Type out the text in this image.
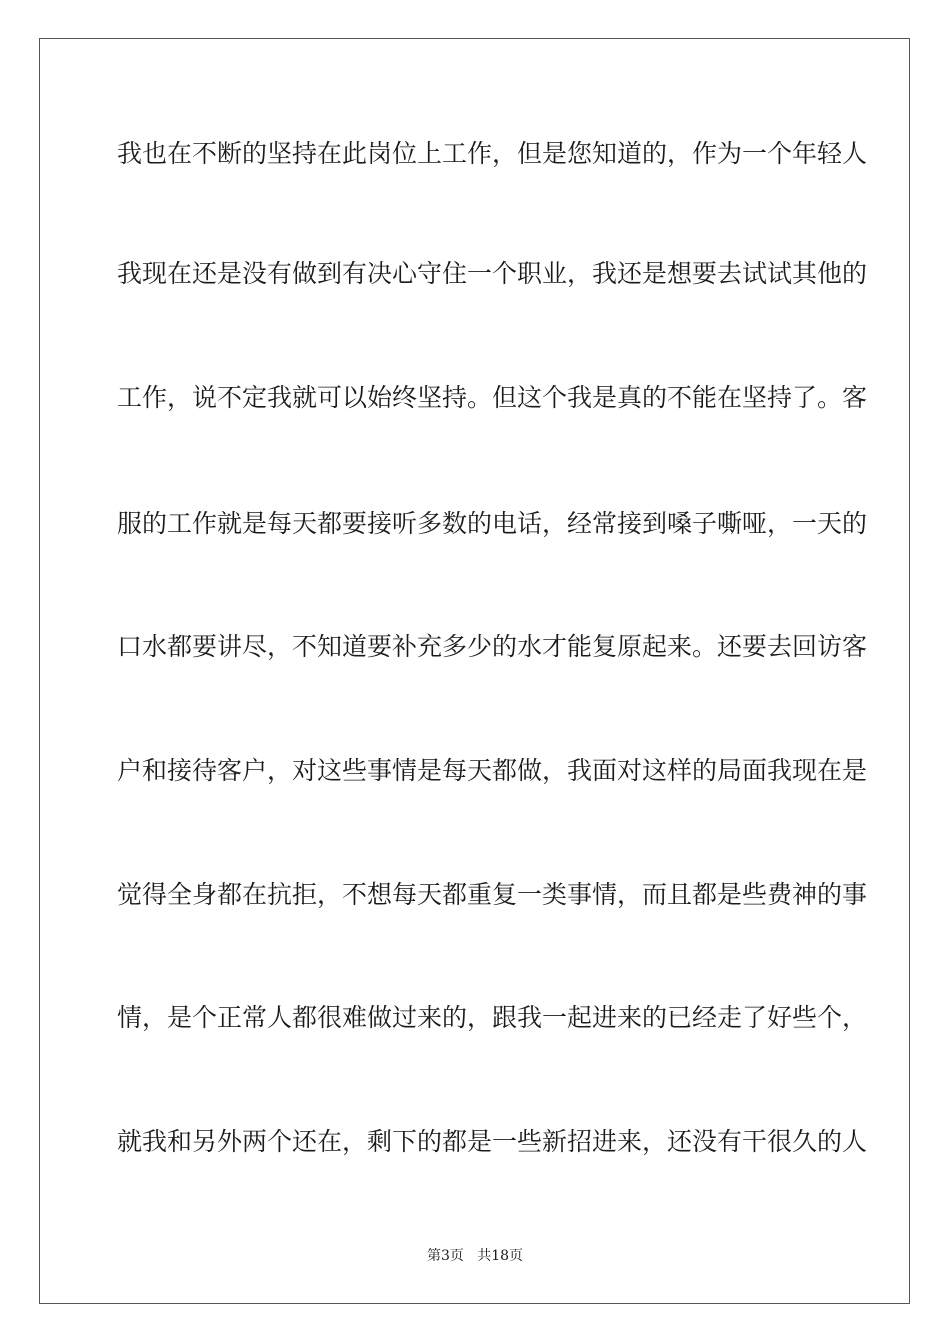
我也在不断的坚持在此岗位上工作，但是您知道的，作为一个年轻人
我现在还是没有做到有决心守住一个职业，我还是想要去试试其他的
工作，说不定我就可以始终坚持。但这个我是真的不能在坚持了。客
服的工作就是每天都要接听多数的电话，经常接到嗓子嘶哑，一天的
口水都要讲尽，不知道要补充多少的水才能复原起来。还要去回访客
户和接待客户，对这些事情是每天都做，我面对这样的局面我现在是
觉得全身都在抗拒，不想每天都重复一类事情，而且都是些费神的事
情，是个正常人都很难做过来的，跟我一起进来的已经走了好些个，
就我和另外两个还在，剩下的都是一些新招进来，还没有干很久的人
第3页   共18页
